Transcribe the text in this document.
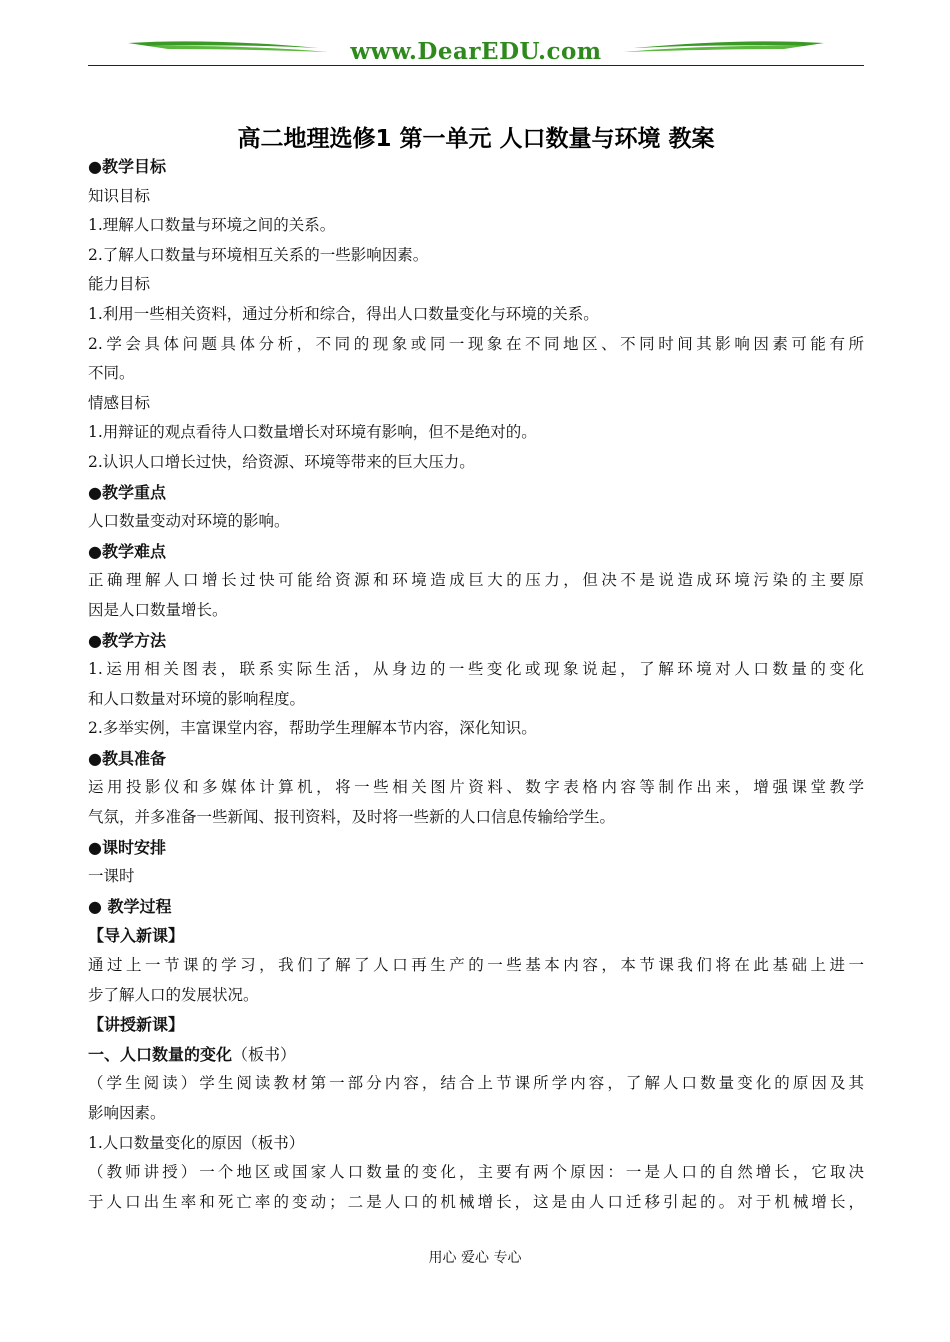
www.DearEDU.com
高二地理选修1 第一单元 人口数量与环境 教案
●教学目标
知识目标
1.理解人口数量与环境之间的关系。
2.了解人口数量与环境相互关系的一些影响因素。
能力目标
1.利用一些相关资料，通过分析和综合，得出人口数量变化与环境的关系。
2.学会具体问题具体分析，不同的现象或同一现象在不同地区、不同时间其影响因素可能有所
不同。
情感目标
1.用辩证的观点看待人口数量增长对环境有影响，但不是绝对的。
2.认识人口增长过快，给资源、环境等带来的巨大压力。
●教学重点
人口数量变动对环境的影响。
●教学难点
正确理解人口增长过快可能给资源和环境造成巨大的压力，但决不是说造成环境污染的主要原
因是人口数量增长。
●教学方法
1.运用相关图表，联系实际生活，从身边的一些变化或现象说起，了解环境对人口数量的变化
和人口数量对环境的影响程度。
2.多举实例，丰富课堂内容，帮助学生理解本节内容，深化知识。
●教具准备
运用投影仪和多媒体计算机，将一些相关图片资料、数字表格内容等制作出来，增强课堂教学
气氛，并多准备一些新闻、报刊资料，及时将一些新的人口信息传输给学生。
●课时安排
一课时
● 教学过程
【导入新课】
通过上一节课的学习，我们了解了人口再生产的一些基本内容，本节课我们将在此基础上进一
步了解人口的发展状况。
【讲授新课】
一、人口数量的变化（板书）
（学生阅读）学生阅读教材第一部分内容，结合上节课所学内容，了解人口数量变化的原因及其
影响因素。
1.人口数量变化的原因（板书）
（教师讲授）一个地区或国家人口数量的变化，主要有两个原因：一是人口的自然增长，它取决
于人口出生率和死亡率的变动；二是人口的机械增长，这是由人口迁移引起的。对于机械增长，
用心 爱心 专心
